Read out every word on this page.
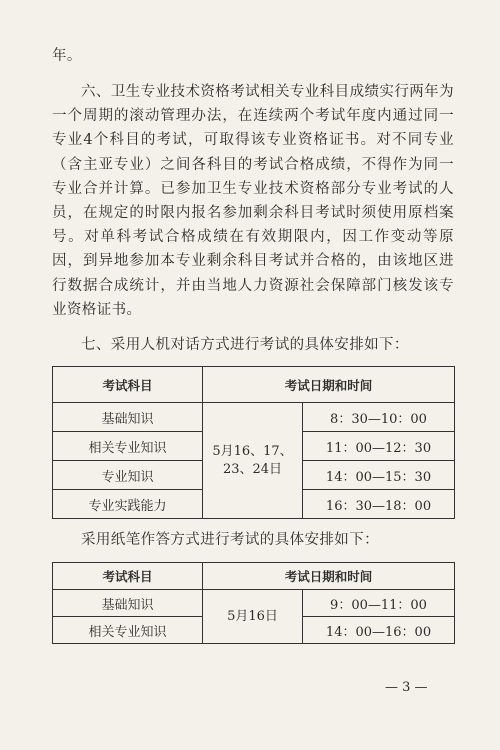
年。

六、卫生专业技术资格考试相关专业科目成绩实行两年为一个周期的滚动管理办法，在连续两个考试年度内通过同一专业4个科目的考试，可取得该专业资格证书。对不同专业（含主亚专业）之间各科目的考试合格成绩，不得作为同一专业合并计算。已参加卫生专业技术资格部分专业考试的人员，在规定的时限内报名参加剩余科目考试时须使用原档案号。对单科考试合格成绩在有效期限内，因工作变动等原因，到异地参加本专业剩余科目考试并合格的，由该地区进行数据合成统计，并由当地人力资源社会保障部门核发该专业资格证书。

七、采用人机对话方式进行考试的具体安排如下：

考试科目	考试日期和时间	
基础知识	5月16、17、23、24日	8：30—10：00
相关专业知识		11：00—12：30
专业知识		14：00—15：30
专业实践能力		16：30—18：00

采用纸笔作答方式进行考试的具体安排如下：

考试科目	考试日期和时间	
基础知识	5月16日	9：00—11：00
相关专业知识		14：00—16：00
— 3 —
